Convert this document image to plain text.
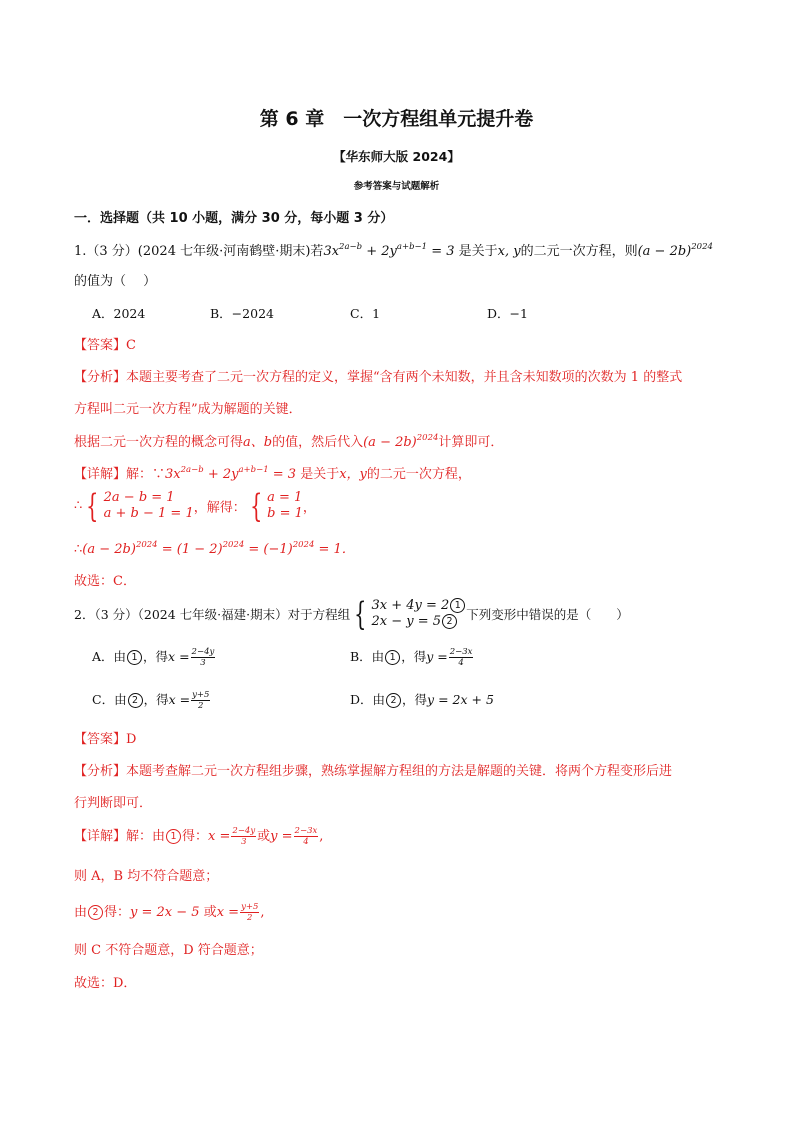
第 6 章　一次方程组单元提升卷
【华东师大版 2024】
参考答案与试题解析
一．选择题（共 10 小题，满分 30 分，每小题 3 分）
1.（3 分）(2024 七年级·河南鹤壁·期末)若$3x^{2a-b} + 2y^{a+b-1} = 3$ 是关于x, y的二元一次方程，则$(a - 2b)^{2024}$
的值为（　 ）
A．2024	B．−2024	C．1	D．−1
【答案】C
【分析】本题主要考查了二元一次方程的定义，掌握“含有两个未知数，并且含未知数项的次数为 1 的整式
方程叫二元一次方程”成为解题的关键．
根据二元一次方程的概念可得a、b的值，然后代入$(a - 2b)^{2024}$计算即可．
【详解】解：$\because 3x^{2a-b} + 2y^{a+b-1} = 3$ 是关于x，y的二元一次方程，
∴ { 2a − b = 1
a + b − 1 = 1 ，解得： { a = 1
b = 1 ，
∴(a − $2b)^{2024} = (1 - 2)^{2024} = (-1)^{2024} = 1$．
故选：C．
2．（3 分）（2024 七年级·福建·期末）对于方程组 { 3x + 4y = 2 1
2x − y = 5 2	下列变形中错误的是（　　）
A．由 1 ，得$x = \frac{2-4y}{3}$	B．由 1 ，得$y = \frac{2-3x}{4}$
C．由 2 ，得$x = \frac{y+5}{2}$	D．由 2 ，得y = 2x + 5
【答案】D
【分析】本题考查解二元一次方程组步骤，熟练掌握解方程组的方法是解题的关键．将两个方程变形后进
行判断即可．
【详解】解：由 1 得：$x = \frac{2-4y}{3}$ 或$y = \frac{2-3x}{4}$ ,
则 A，B 均不符合题意；
由 2 得：y = 2x − 5 或$x = \frac{y+5}{2}$ ,
则 C 不符合题意，D 符合题意；
故选：D．
